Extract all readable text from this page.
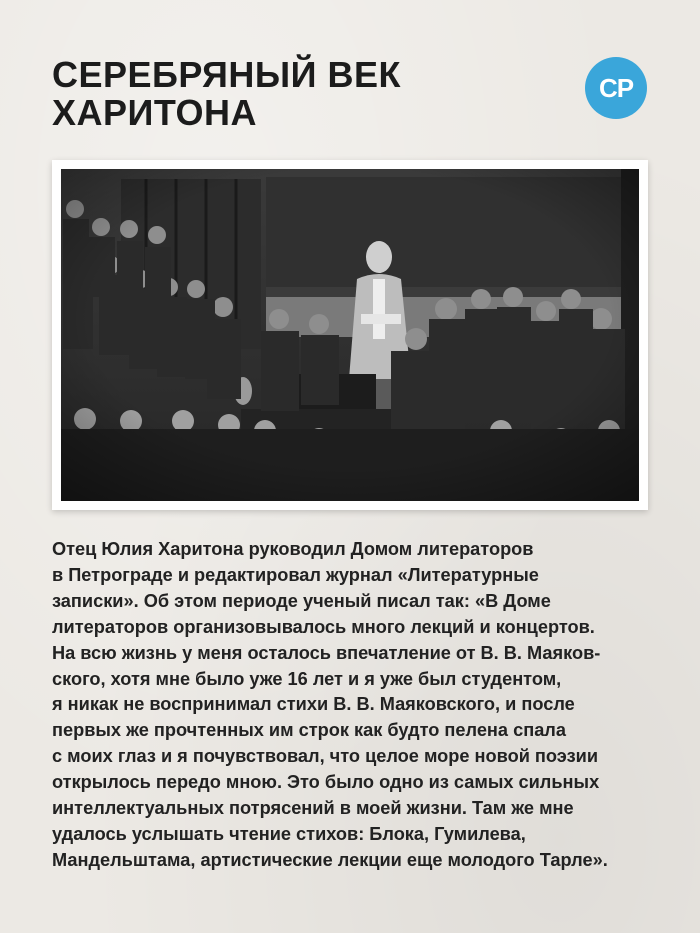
СЕРЕБРЯНЫЙ ВЕК
ХАРИТОНА
СР

Отец Юлия Харитона руководил Домом литераторов
в Петрограде и редактировал журнал «Литературные
записки». Об этом периоде ученый писал так: «В Доме
литераторов организовывалось много лекций и концертов.
На всю жизнь у меня осталось впечатление от В. В. Маяков-
ского, хотя мне было уже 16 лет и я уже был студентом,
я никак не воспринимал стихи В. В. Маяковского, и после
первых же прочтенных им строк как будто пелена спала
с моих глаз и я почувствовал, что целое море новой поэзии
открылось передо мною. Это было одно из самых сильных
интеллектуальных потрясений в моей жизни. Там же мне
удалось услышать чтение стихов: Блока, Гумилева,
Мандельштама, артистические лекции еще молодого Тарле».
